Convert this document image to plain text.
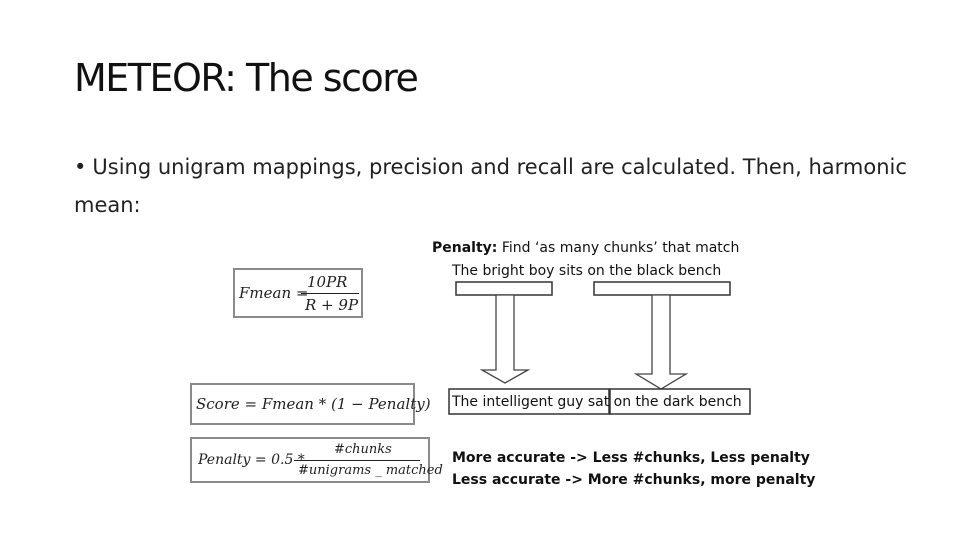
METEOR: The score
• Using unigram mappings, precision and recall are calculated. Then, harmonic mean:
Fmean =
10PR
R + 9P
Score = Fmean * (1 − Penalty)
Penalty = 0.5 *
#chunks
#unigrams _ matched
Penalty: Find ‘as many chunks’ that match
The bright boy sits on the black bench
The intelligent guy sat on the dark bench
More accurate -> Less #chunks, Less penalty
Less accurate -> More #chunks, more penalty
